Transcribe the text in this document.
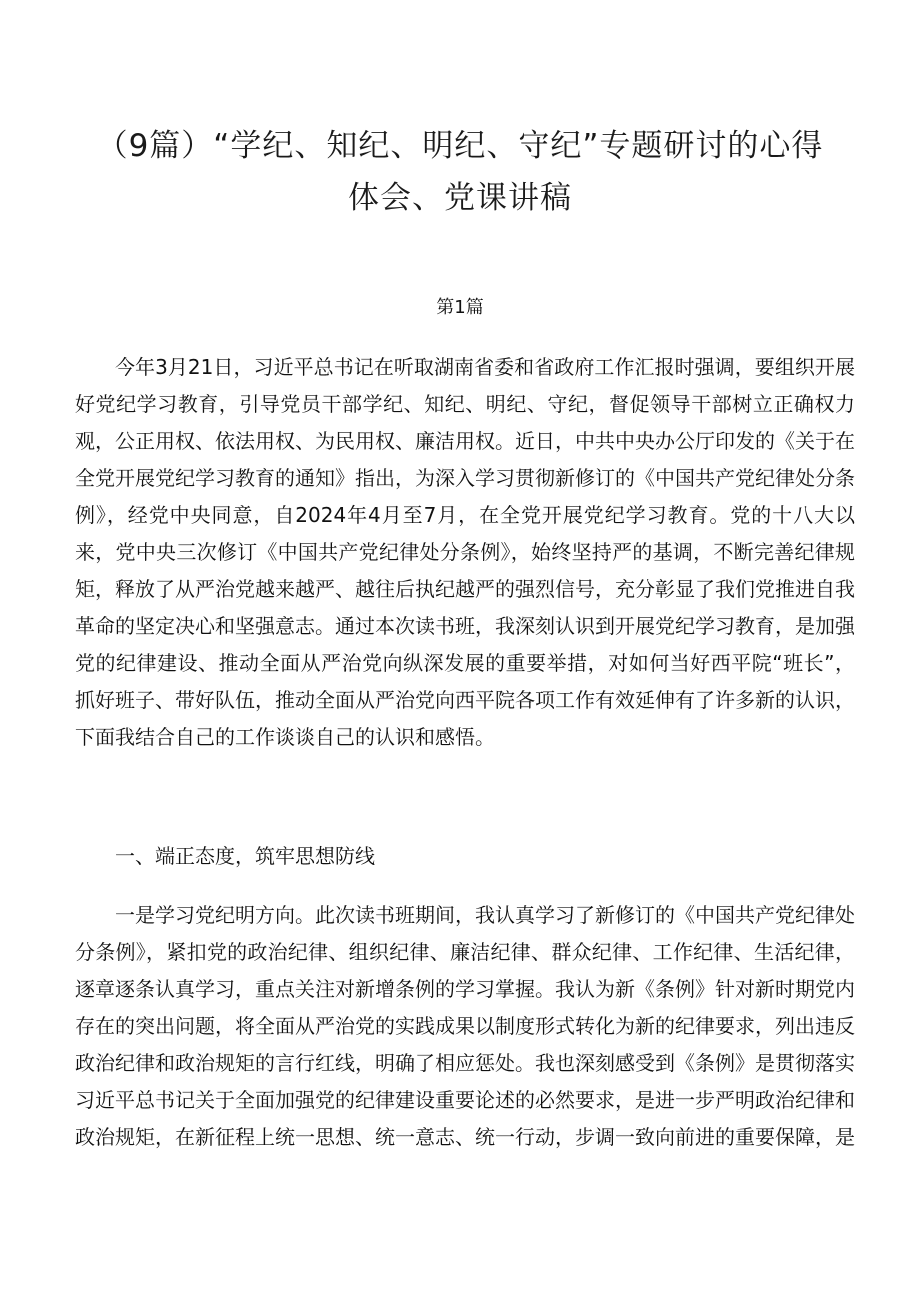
（9篇）“学纪、知纪、明纪、守纪”专题研讨的心得体会、党课讲稿
第1篇

今年3月21日，习近平总书记在听取湖南省委和省政府工作汇报时强调，要组织开展好党纪学习教育，引导党员干部学纪、知纪、明纪、守纪，督促领导干部树立正确权力观，公正用权、依法用权、为民用权、廉洁用权。近日，中共中央办公厅印发的《关于在全党开展党纪学习教育的通知》指出，为深入学习贯彻新修订的《中国共产党纪律处分条例》，经党中央同意，自2024年4月至7月，在全党开展党纪学习教育。党的十八大以来，党中央三次修订《中国共产党纪律处分条例》，始终坚持严的基调，不断完善纪律规矩，释放了从严治党越来越严、越往后执纪越严的强烈信号，充分彰显了我们党推进自我革命的坚定决心和坚强意志。通过本次读书班，我深刻认识到开展党纪学习教育，是加强党的纪律建设、推动全面从严治党向纵深发展的重要举措，对如何当好西平院“班长”，抓好班子、带好队伍，推动全面从严治党向西平院各项工作有效延伸有了许多新的认识，下面我结合自己的工作谈谈自己的认识和感悟。

一、端正态度，筑牢思想防线

一是学习党纪明方向。此次读书班期间，我认真学习了新修订的《中国共产党纪律处分条例》，紧扣党的政治纪律、组织纪律、廉洁纪律、群众纪律、工作纪律、生活纪律，逐章逐条认真学习，重点关注对新增条例的学习掌握。我认为新《条例》针对新时期党内存在的突出问题，将全面从严治党的实践成果以制度形式转化为新的纪律要求，列出违反政治纪律和政治规矩的言行红线，明确了相应惩处。我也深刻感受到《条例》是贯彻落实习近平总书记关于全面加强党的纪律建设重要论述的必然要求，是进一步严明政治纪律和政治规矩，在新征程上统一思想、统一意志、统一行动，步调一致向前进的重要保障，是
